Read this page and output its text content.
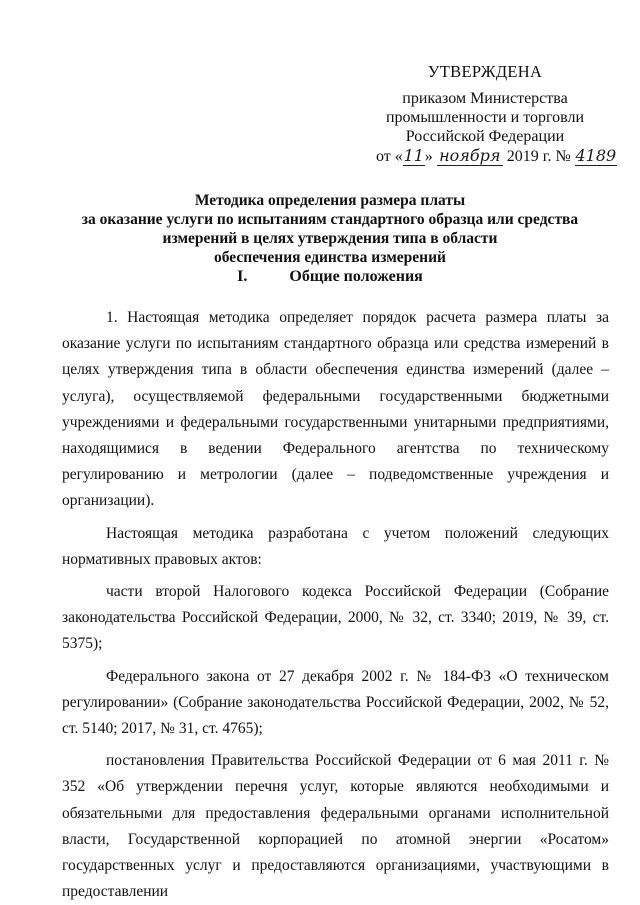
УТВЕРЖДЕНА
приказом Министерства
промышленности и торговли
Российской Федерации
от «11» ноября 2019 г. № 4189
Методика определения размера платы
за оказание услуги по испытаниям стандартного образца или средства
измерений в целях утверждения типа в области
обеспечения единства измерений
I.	Общие положения

1. Настоящая методика определяет порядок расчета размера платы за оказание услуги по испытаниям стандартного образца или средства измерений в целях утверждения типа в области обеспечения единства измерений (далее – услуга), осуществляемой федеральными государственными бюджетными учреждениями и федеральными государственными унитарными предприятиями, находящимися в ведении Федерального агентства по техническому регулированию и метрологии (далее – подведомственные учреждения и организации).

Настоящая методика разработана с учетом положений следующих нормативных правовых актов:

части второй Налогового кодекса Российской Федерации (Собрание законодательства Российской Федерации, 2000, № 32, ст. 3340; 2019, № 39, ст. 5375);

Федерального закона от 27 декабря 2002 г. № 184-ФЗ «О техническом регулировании» (Собрание законодательства Российской Федерации, 2002, № 52, ст. 5140; 2017, № 31, ст. 4765);

постановления Правительства Российской Федерации от 6 мая 2011 г. № 352 «Об утверждении перечня услуг, которые являются необходимыми и обязательными для предоставления федеральными органами исполнительной власти, Государственной корпорацией по атомной энергии «Росатом» государственных услуг и предоставляются организациями, участвующими в предоставлении
